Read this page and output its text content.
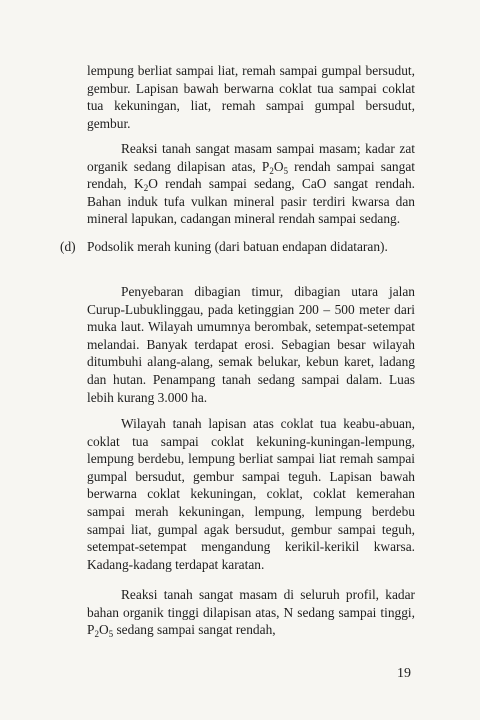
lempung berliat sampai liat, remah sampai gumpal bersudut, gembur. Lapisan bawah berwarna coklat tua sampai coklat tua kekuningan, liat, remah sampai gumpal bersudut, gembur.

Reaksi tanah sangat masam sampai masam; kadar zat organik sedang dilapisan atas, $P_2O_5$ rendah sampai sangat rendah, $K_2O$ rendah sampai sedang, CaO sangat rendah. Bahan induk tufa vulkan mineral pasir terdiri kwarsa dan mineral lapukan, cadangan mineral rendah sampai sedang.

(d) Podsolik merah kuning (dari batuan endapan didataran).

Penyebaran dibagian timur, dibagian utara jalan Curup-Lubuklinggau, pada ketinggian 200 – 500 meter dari muka laut. Wilayah umumnya berombak, setempat-setempat melandai. Banyak terdapat erosi. Sebagian besar wilayah ditumbuhi alang-alang, semak belukar, kebun karet, ladang dan hutan. Penampang tanah sedang sampai dalam. Luas lebih kurang 3.000 ha.

Wilayah tanah lapisan atas coklat tua keabu-abuan, coklat tua sampai coklat kekuning-kuningan-lempung, lempung berdebu, lempung berliat sampai liat remah sampai gumpal bersudut, gembur sampai teguh. Lapisan bawah berwarna coklat kekuningan, coklat, coklat kemerahan sampai merah kekuningan, lempung, lempung berdebu sampai liat, gumpal agak bersudut, gembur sampai teguh, setempat-setempat mengandung kerikil-kerikil kwarsa. Kadang-kadang terdapat karatan.

Reaksi tanah sangat masam di seluruh profil, kadar bahan organik tinggi dilapisan atas, N sedang sampai tinggi, $P_2O_5$ sedang sampai sangat rendah,

19
